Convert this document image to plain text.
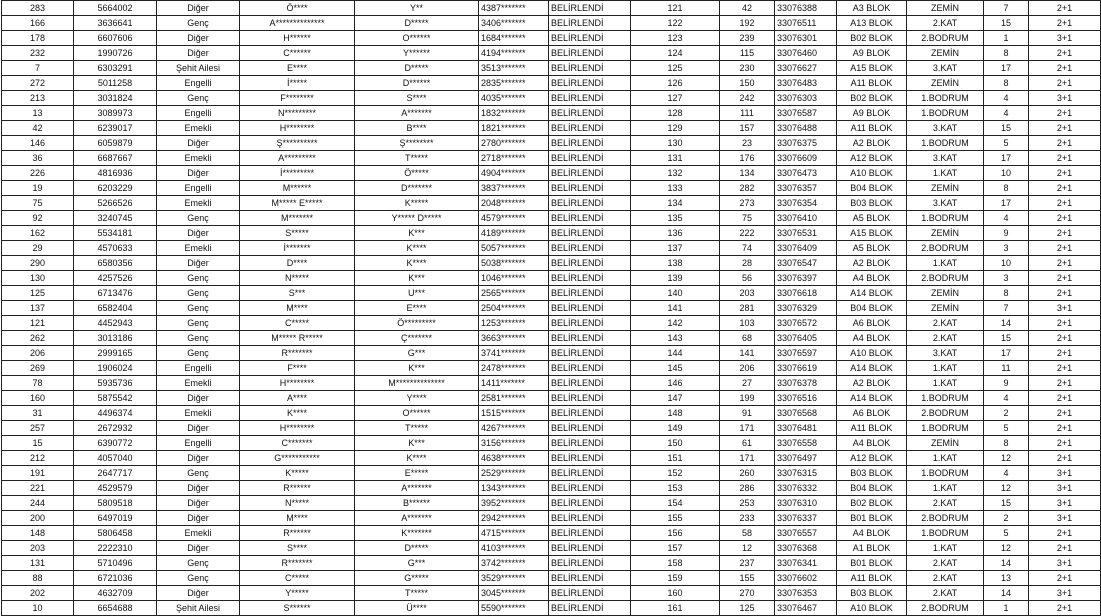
283	5664002	Diğer	Ö****	Y**	4387*******	BELİRLENDİ	121	42	33076388	A3 BLOK	ZEMİN	7	2+1
166	3636641	Genç	A**************	D*****	3406*******	BELİRLENDİ	122	192	33076511	A13 BLOK	2.KAT	15	2+1
178	6607606	Diğer	H******	O******	1684*******	BELİRLENDİ	123	239	33076301	B02 BLOK	2.BODRUM	1	3+1
232	1990726	Diğer	C******	Y******	4194*******	BELİRLENDİ	124	115	33076460	A9 BLOK	ZEMİN	8	2+1
7	6303291	Şehit Ailesi	E****	D*****	3513*******	BELİRLENDİ	125	230	33076627	A15 BLOK	3.KAT	17	2+1
272	5011258	Engelli	İ*****	D******	2835*******	BELİRLENDİ	126	150	33076483	A11 BLOK	ZEMİN	8	2+1
213	3031824	Genç	F********	S****	4035*******	BELİRLENDİ	127	242	33076303	B02 BLOK	1.BODRUM	4	3+1
13	3089973	Engelli	N*********	A*******	1832*******	BELİRLENDİ	128	111	33076587	A9 BLOK	1.BODRUM	4	2+1
42	6239017	Emekli	H********	B****	1821*******	BELİRLENDİ	129	157	33076488	A11 BLOK	3.KAT	15	2+1
146	6059879	Diğer	Ş**********	Ş********	2780*******	BELİRLENDİ	130	23	33076375	A2 BLOK	1.BODRUM	5	2+1
36	6687667	Emekli	A*********	T*****	2718*******	BELİRLENDİ	131	176	33076609	A12 BLOK	3.KAT	17	2+1
226	4816936	Diğer	İ*********	Ö*****	4904*******	BELİRLENDİ	132	134	33076473	A10 BLOK	1.KAT	10	2+1
19	6203229	Engelli	M******	D*******	3837*******	BELİRLENDİ	133	282	33076357	B04 BLOK	ZEMİN	8	2+1
75	5266526	Emekli	M***** E*****	K*****	2048*******	BELİRLENDİ	134	273	33076354	B03 BLOK	3.KAT	17	2+1
92	3240745	Genç	M*******	Y***** D*****	4579*******	BELİRLENDİ	135	75	33076410	A5 BLOK	1.BODRUM	4	2+1
162	5534181	Diğer	S*****	K***	4189*******	BELİRLENDİ	136	222	33076531	A15 BLOK	ZEMİN	9	2+1
29	4570633	Emekli	İ*******	K****	5057*******	BELİRLENDİ	137	74	33076409	A5 BLOK	2.BODRUM	3	2+1
290	6580356	Diğer	D****	K****	5038*******	BELİRLENDİ	138	28	33076547	A2 BLOK	1.KAT	10	2+1
130	4257526	Genç	N*****	K***	1046*******	BELİRLENDİ	139	56	33076397	A4 BLOK	2.BODRUM	3	2+1
125	6713476	Genç	S***	U***	2565*******	BELİRLENDİ	140	203	33076618	A14 BLOK	ZEMİN	8	2+1
137	6582404	Genç	M****	E****	2504*******	BELİRLENDİ	141	281	33076329	B04 BLOK	ZEMİN	7	3+1
121	4452943	Genç	C*****	Ö*********	1253*******	BELİRLENDİ	142	103	33076572	A6 BLOK	2.KAT	14	2+1
262	3013186	Genç	M***** R*****	Ç*******	3663*******	BELİRLENDİ	143	68	33076405	A4 BLOK	2.KAT	15	2+1
206	2999165	Genç	R*******	G***	3741*******	BELİRLENDİ	144	141	33076597	A10 BLOK	3.KAT	17	2+1
269	1906024	Engelli	F****	K***	2478*******	BELİRLENDİ	145	206	33076619	A14 BLOK	1.KAT	11	2+1
78	5935736	Emekli	H********	M**************	1411*******	BELİRLENDİ	146	27	33076378	A2 BLOK	1.KAT	9	2+1
160	5875542	Diğer	A****	Y****	2581*******	BELİRLENDİ	147	199	33076516	A14 BLOK	1.BODRUM	4	2+1
31	4496374	Emekli	K****	O******	1515*******	BELİRLENDİ	148	91	33076568	A6 BLOK	2.BODRUM	2	2+1
257	2672932	Diğer	H********	T*****	4267*******	BELİRLENDİ	149	171	33076481	A11 BLOK	1.BODRUM	5	2+1
15	6390772	Engelli	C*******	K***	3156*******	BELİRLENDİ	150	61	33076558	A4 BLOK	ZEMİN	8	2+1
212	4057040	Diğer	G***********	K****	4638*******	BELİRLENDİ	151	171	33076497	A12 BLOK	1.KAT	12	2+1
191	2647717	Genç	K*****	E*****	2529*******	BELİRLENDİ	152	260	33076315	B03 BLOK	1.BODRUM	4	3+1
221	4529579	Diğer	R******	A*******	1343*******	BELİRLENDİ	153	286	33076332	B04 BLOK	1.KAT	12	3+1
244	5809518	Diğer	N*****	B******	3952*******	BELİRLENDİ	154	253	33076310	B02 BLOK	2.KAT	15	3+1
200	6497019	Diğer	M****	A*******	2942*******	BELİRLENDİ	155	233	33076337	B01 BLOK	2.BODRUM	2	3+1
148	5806458	Emekli	R******	K*******	4715*******	BELİRLENDİ	156	58	33076557	A4 BLOK	1.BODRUM	5	2+1
203	2222310	Diğer	S****	D*****	4103*******	BELİRLENDİ	157	12	33076368	A1 BLOK	1.KAT	12	2+1
131	5710496	Genç	R*******	G***	3742*******	BELİRLENDİ	158	237	33076341	B01 BLOK	2.KAT	14	3+1
88	6721036	Genç	C*****	G*****	3529*******	BELİRLENDİ	159	155	33076602	A11 BLOK	2.KAT	13	2+1
202	4632709	Diğer	Y*****	T*****	3045*******	BELİRLENDİ	160	270	33076353	B03 BLOK	2.KAT	14	3+1
10	6654688	Şehit Ailesi	S******	Ü****	5590*******	BELİRLENDİ	161	125	33076467	A10 BLOK	2.BODRUM	1	2+1
